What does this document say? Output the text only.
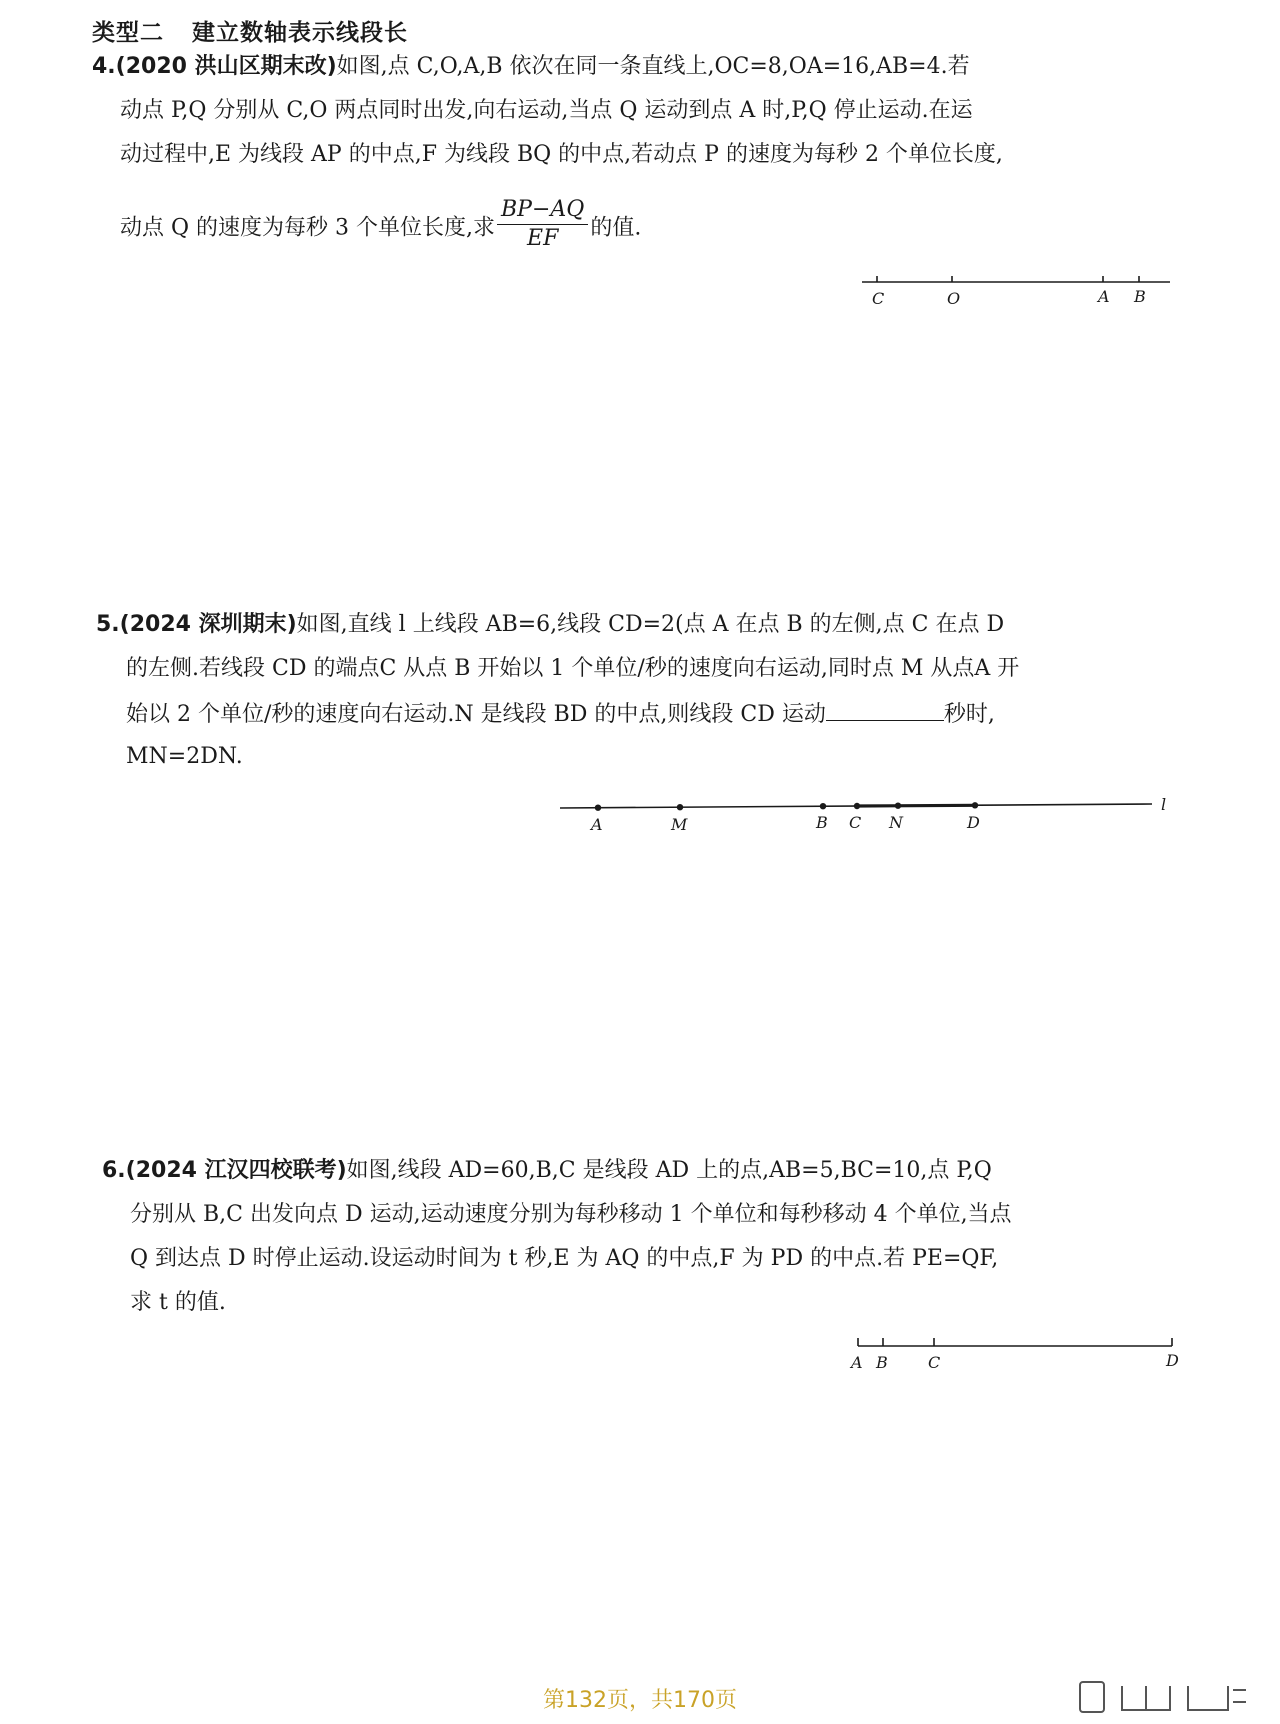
类型二 建立数轴表示线段长
4.(2020 洪山区期末改)如图,点 C,O,A,B 依次在同一条直线上,OC=8,OA=16,AB=4.若
动点 P,Q 分别从 C,O 两点同时出发,向右运动,当点 Q 运动到点 A 时,P,Q 停止运动.在运
动过程中,E 为线段 AP 的中点,F 为线段 BQ 的中点,若动点 P 的速度为每秒 2 个单位长度,
动点 Q 的速度为每秒 3 个单位长度,求 $\frac{BP-AQ}{EF}$ 的值.
C	O	A B
5.(2024 深圳期末)如图,直线 l 上线段 AB=6,线段 CD=2(点 A 在点 B 的左侧,点 C 在点 D
的左侧.若线段 CD 的端点C 从点 B 开始以 1 个单位/秒的速度向右运动,同时点 M 从点A 开
始以 2 个单位/秒的速度向右运动.N 是线段 BD 的中点,则线段 CD 运动	秒时,
MN=2DN.
A	M	B C N	D
l
6.(2024 江汉四校联考)如图,线段 AD=60,B,C 是线段 AD 上的点,AB=5,BC=10,点 P,Q
分别从 B,C 出发向点 D 运动,运动速度分别为每秒移动 1 个单位和每秒移动 4 个单位,当点
Q 到达点 D 时停止运动.设运动时间为 t 秒,E 为 AQ 的中点,F 为 PD 的中点.若 PE=QF,
求 t 的值.
A B	C	D
第132页，共170页
